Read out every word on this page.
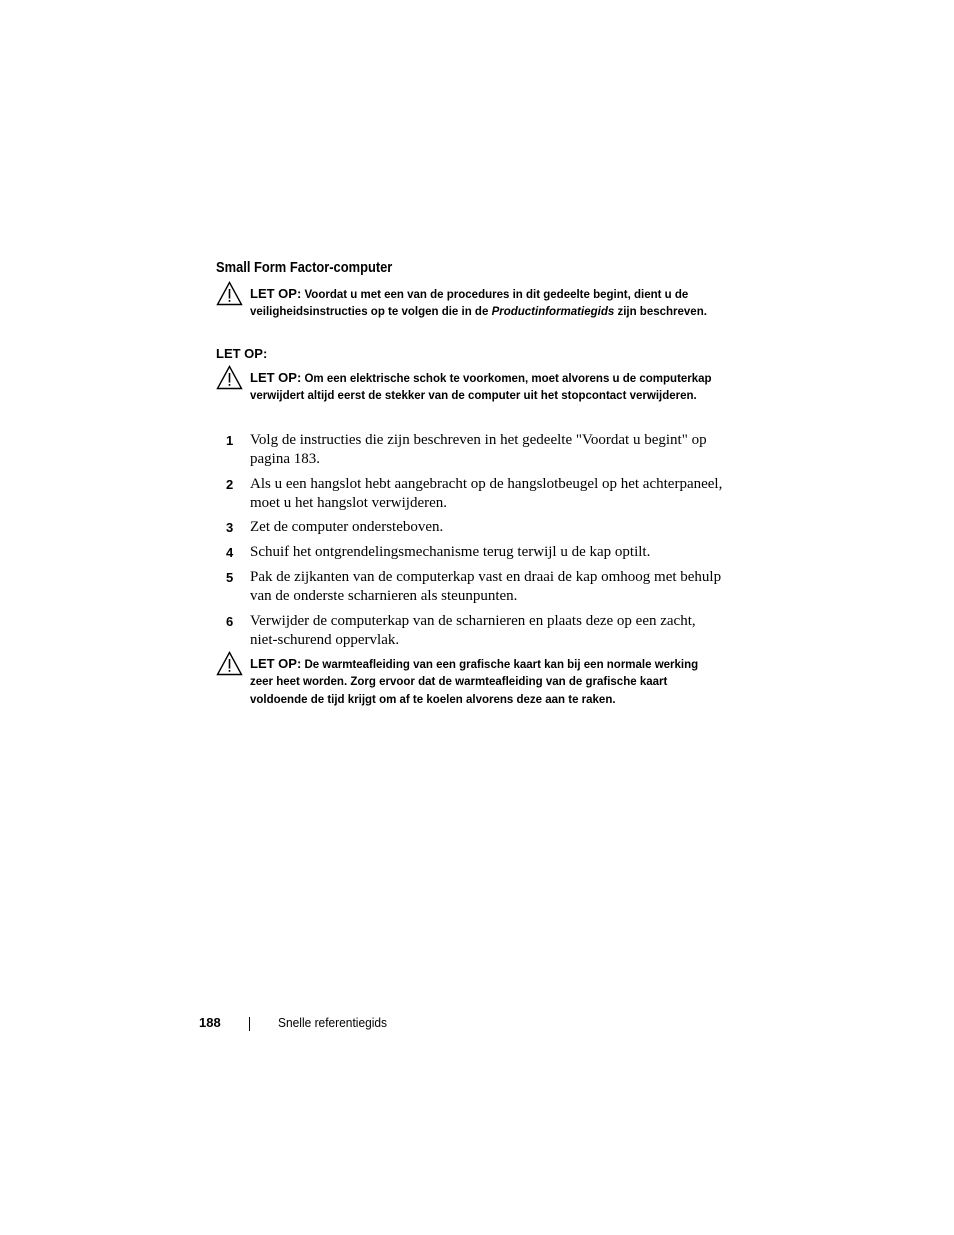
Small Form Factor-computer
LET OP: Voordat u met een van de procedures in dit gedeelte begint, dient u de veiligheidsinstructies op te volgen die in de Productinformatiegids zijn beschreven.
LET OP:
LET OP: Om een elektrische schok te voorkomen, moet alvorens u de computerkap verwijdert altijd eerst de stekker van de computer uit het stopcontact verwijderen.
1 Volg de instructies die zijn beschreven in het gedeelte "Voordat u begint" op pagina 183.
2 Als u een hangslot hebt aangebracht op de hangslotbeugel op het achterpaneel, moet u het hangslot verwijderen.
3 Zet de computer ondersteboven.
4 Schuif het ontgrendelingsmechanisme terug terwijl u de kap optilt.
5 Pak de zijkanten van de computerkap vast en draai de kap omhoog met behulp van de onderste scharnieren als steunpunten.
6 Verwijder de computerkap van de scharnieren en plaats deze op een zacht, niet-schurend oppervlak.
LET OP: De warmteafleiding van een grafische kaart kan bij een normale werking zeer heet worden. Zorg ervoor dat de warmteafleiding van de grafische kaart voldoende de tijd krijgt om af te koelen alvorens deze aan te raken.
188	Snelle referentiegids
